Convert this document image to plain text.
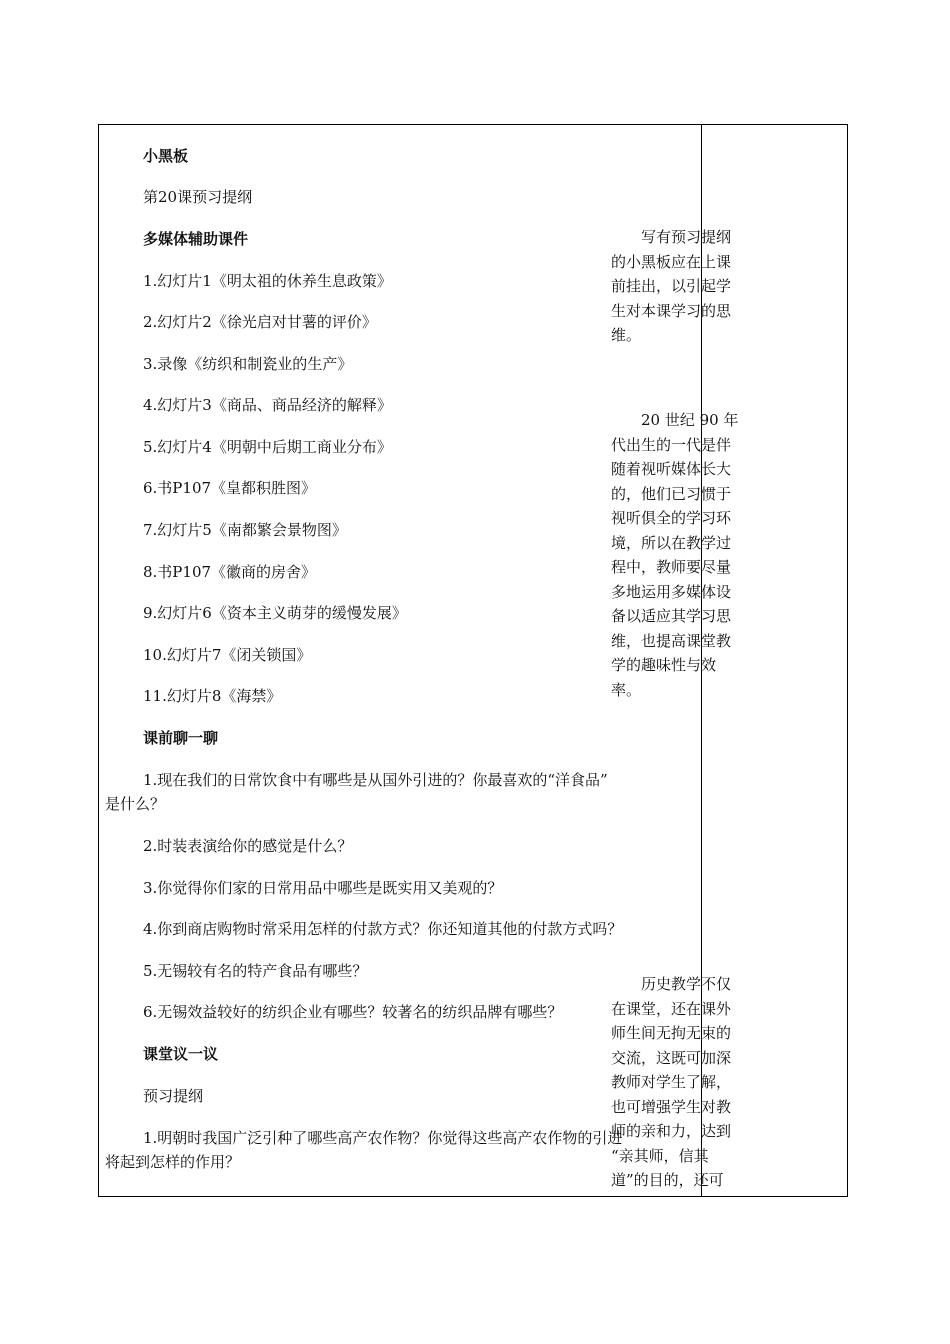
小黑板
第20课预习提纲
多媒体辅助课件
1.幻灯片1《明太祖的休养生息政策》
2.幻灯片2《徐光启对甘薯的评价》
3.录像《纺织和制瓷业的生产》
4.幻灯片3《商品、商品经济的解释》
5.幻灯片4《明朝中后期工商业分布》
6.书P107《皇都积胜图》
7.幻灯片5《南都繁会景物图》
8.书P107《徽商的房舍》
9.幻灯片6《资本主义萌芽的缓慢发展》
10.幻灯片7《闭关锁国》
11.幻灯片8《海禁》
课前聊一聊
1.现在我们的日常饮食中有哪些是从国外引进的？你最喜欢的“洋食品”
是什么？
2.时装表演给你的感觉是什么？
3.你觉得你们家的日常用品中哪些是既实用又美观的？
4.你到商店购物时常采用怎样的付款方式？你还知道其他的付款方式吗？
5.无锡较有名的特产食品有哪些？
6.无锡效益较好的纺织企业有哪些？较著名的纺织品牌有哪些？
课堂议一议
预习提纲
1.明朝时我国广泛引种了哪些高产农作物？你觉得这些高产农作物的引进
将起到怎样的作用？
写有预习提纲
的小黑板应在上课
前挂出，以引起学
生对本课学习的思
维。
20 世纪 90 年
代出生的一代是伴
随着视听媒体长大
的，他们已习惯于
视听俱全的学习环
境，所以在教学过
程中，教师要尽量
多地运用多媒体设
备以适应其学习思
维，也提高课堂教
学的趣味性与效
率。
历史教学不仅
在课堂，还在课外
师生间无拘无束的
交流，这既可加深
教师对学生了解，
也可增强学生对教
师的亲和力，达到
“亲其师，信其
道”的目的，还可
